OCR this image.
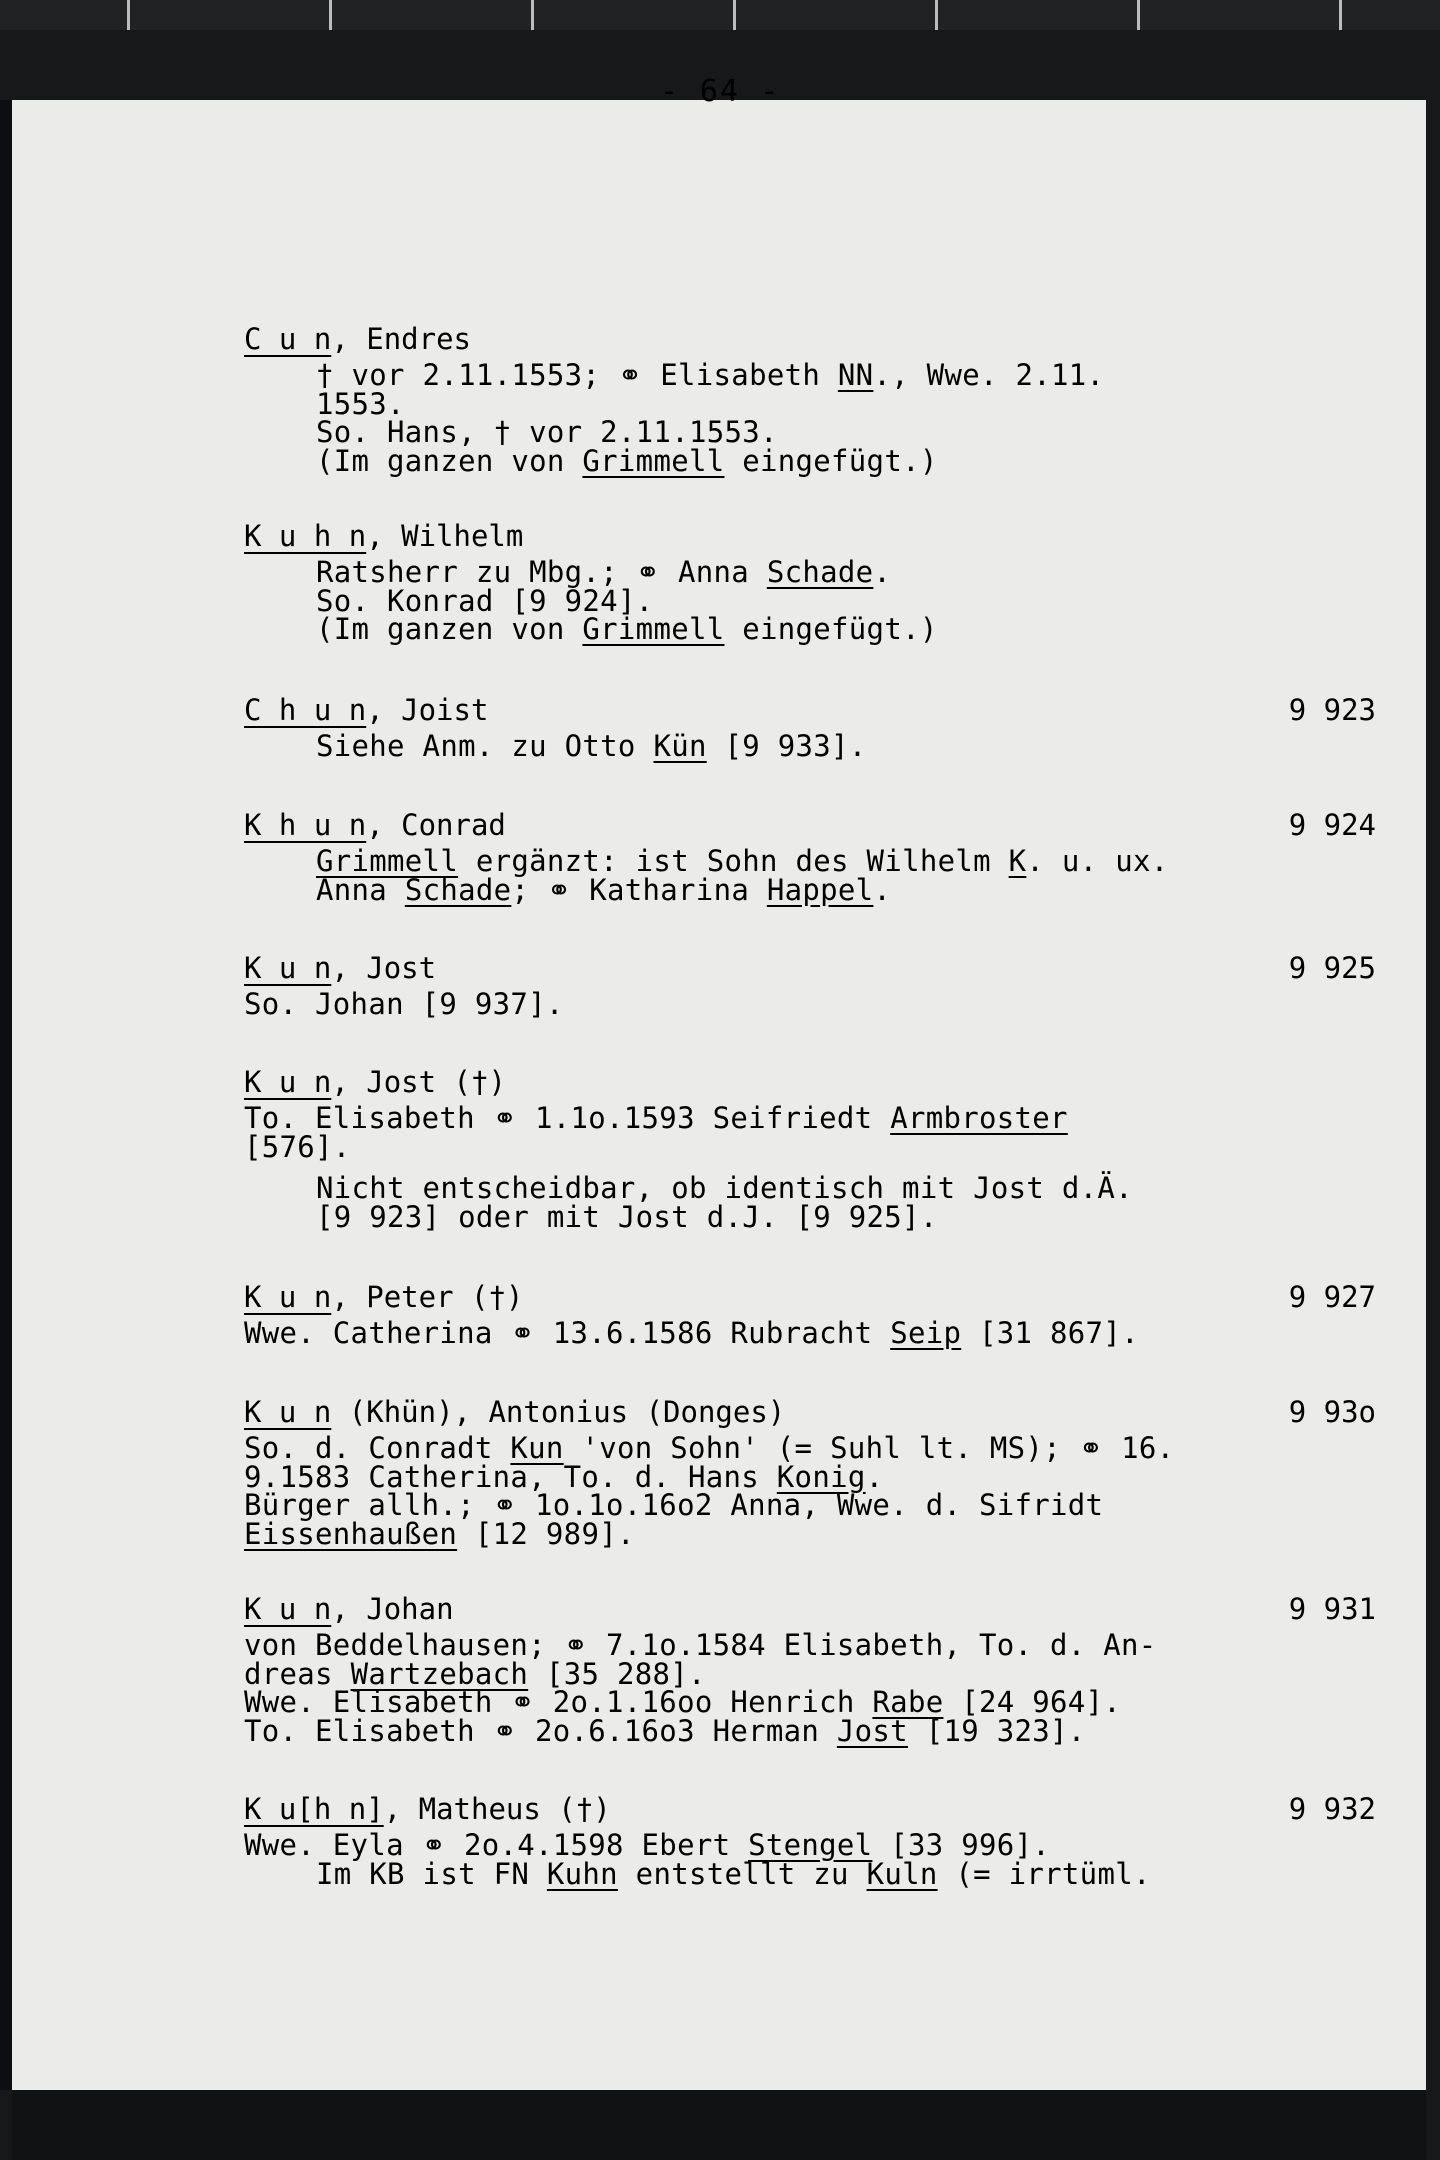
- 64 -
C u n, Endres
† vor 2.11.1553; ⚭ Elisabeth NN., Wwe. 2.11.
1553.
So. Hans, † vor 2.11.1553.
(Im ganzen von Grimmell eingefügt.)
K u h n, Wilhelm
Ratsherr zu Mbg.; ⚭ Anna Schade.
So. Konrad [9 924].
(Im ganzen von Grimmell eingefügt.)
C h u n, Joist	9 923
Siehe Anm. zu Otto Kün [9 933].
K h u n, Conrad	9 924
Grimmell ergänzt: ist Sohn des Wilhelm K. u. ux.
Anna Schade; ⚭ Katharina Happel.
K u n, Jost	9 925
So. Johan [9 937].
K u n, Jost (†)
To. Elisabeth ⚭ 1.1o.1593 Seifriedt Armbroster
[576].
Nicht entscheidbar, ob identisch mit Jost d.Ä.
[9 923] oder mit Jost d.J. [9 925].
K u n, Peter (†)	9 927
Wwe. Catherina ⚭ 13.6.1586 Rubracht Seip [31 867].
K u n (Khün), Antonius (Donges)	9 93o
So. d. Conradt Kun 'von Sohn' (= Suhl lt. MS); ⚭ 16.
9.1583 Catherina, To. d. Hans Konig.
Bürger allh.; ⚭ 1o.1o.16o2 Anna, Wwe. d. Sifridt
Eissenhaußen [12 989].
K u n, Johan	9 931
von Beddelhausen; ⚭ 7.1o.1584 Elisabeth, To. d. An-
dreas Wartzebach [35 288].
Wwe. Elisabeth ⚭ 2o.1.16oo Henrich Rabe [24 964].
To. Elisabeth ⚭ 2o.6.16o3 Herman Jost [19 323].
K u[h n], Matheus (†)	9 932
Wwe. Eyla ⚭ 2o.4.1598 Ebert Stengel [33 996].
Im KB ist FN Kuhn entstellt zu Kuln (= irrtüml.
